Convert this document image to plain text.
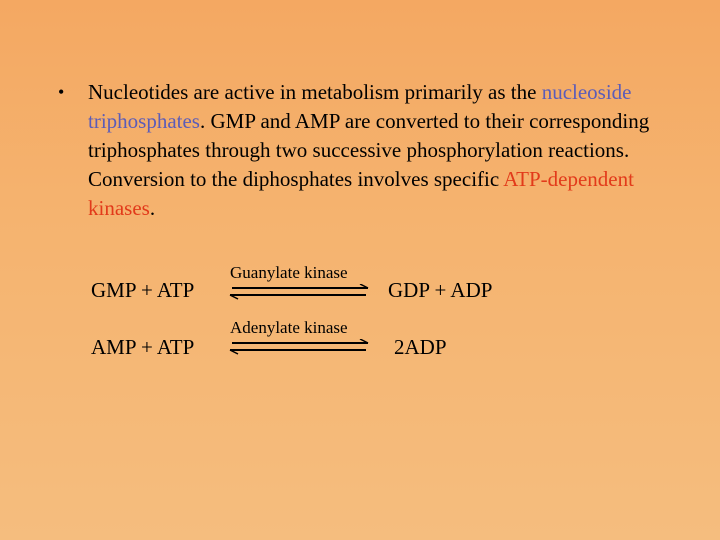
•	Nucleotides are active in metabolism primarily as the nucleoside triphosphates. GMP and AMP are converted to their corresponding triphosphates through two successive phosphorylation reactions. Conversion to the diphosphates involves specific ATP-dependent kinases.
GMP + ATP
Guanylate kinase
GDP + ADP
AMP + ATP
Adenylate kinase
2ADP
